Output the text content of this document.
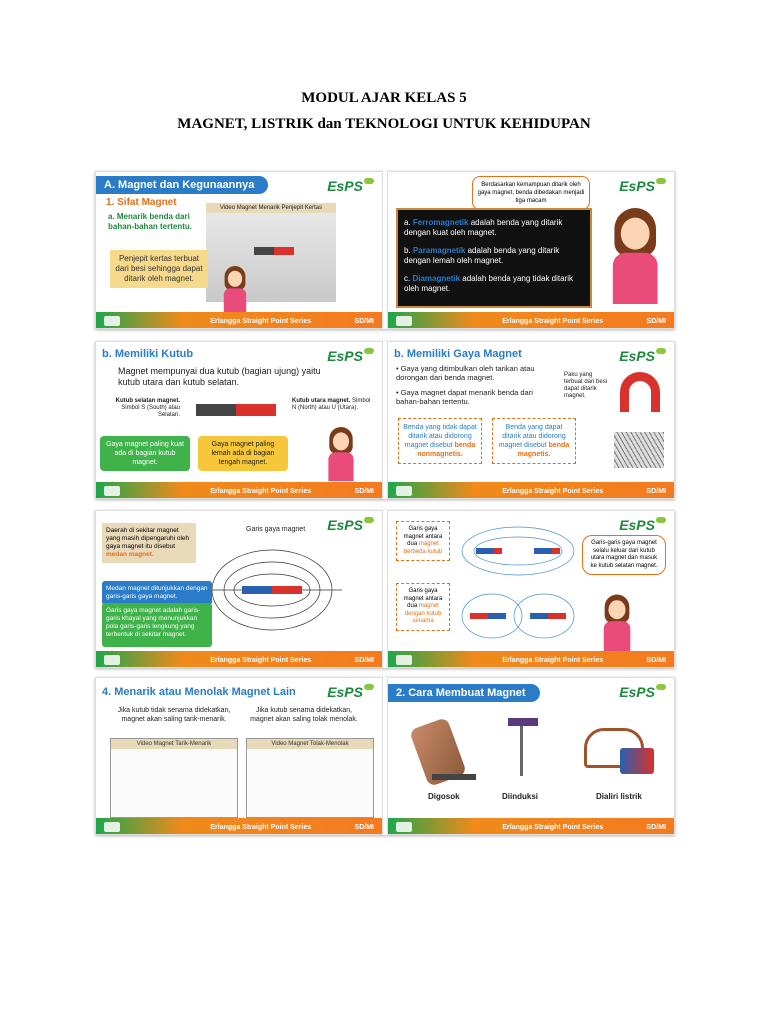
MODUL AJAR KELAS 5
MAGNET, LISTRIK dan TEKNOLOGI UNTUK KEHIDUPAN
A. Magnet dan Kegunaannya	EsPS
1. Sifat Magnet
a. Menarik benda dari bahan-bahan tertentu.
Video Magnet Menarik Penjepit Kertas
Penjepit kertas terbuat dari besi sehingga dapat ditarik oleh magnet.
Erlangga Straight Point Series	SD/MI
EsPS
Berdasarkan kemampuan ditarik oleh gaya magnet, benda dibedakan menjadi tiga macam
a. Ferromagnetik adalah benda yang ditarik dengan kuat oleh magnet.
b. Paramagnetik adalah benda yang ditarik dengan lemah oleh magnet.
c. Diamagnetik adalah benda yang tidak ditarik oleh magnet.
Erlangga Straight Point Series	SD/MI
b. Memiliki Kutub	EsPS
Magnet mempunyai dua kutub (bagian ujung) yaitu kutub utara dan kutub selatan.
Kutub selatan magnet. Simbol S (South) atau Selatan.
Kutub utara magnet. Simbol N (North) atau U (Utara).
Gaya magnet paling kuat ada di bagian kutub magnet.
Gaya magnet paling lemah ada di bagian tengah magnet.
Erlangga Straight Point Series	SD/MI
b. Memiliki Gaya Magnet	EsPS
• Gaya yang ditimbulkan oleh tarikan atau dorongan dari benda magnet.
• Gaya magnet dapat menarik benda dari bahan-bahan tertentu.
Paku yang terbuat dari besi dapat ditarik magnet.
Benda yang tidak dapat ditarik atau didorong magnet disebut benda nonmagnetis.
Benda yang dapat ditarik atau didorong magnet disebut benda magnetis.
Erlangga Straight Point Series	SD/MI
EsPS
Daerah di sekitar magnet yang masih dipengaruhi oleh gaya magnet itu disebut medan magnet.
Garis gaya magnet
Medan magnet ditunjukkan dengan garis-garis gaya magnet.
Garis gaya magnet adalah garis-garis khayal yang menunjukkan pola garis-garis lengkung yang terbentuk di sekitar magnet.
Erlangga Straight Point Series	SD/MI
EsPS
Garis gaya magnet antara dua magnet berbeda kutub
Garis gaya magnet antara dua magnet dengan kutub senama
Garis-garis gaya magnet selalu keluar dari kutub utara magnet dan masuk ke kutub selatan magnet.
Erlangga Straight Point Series	SD/MI
4. Menarik atau Menolak Magnet Lain EsPS
Jika kutub tidak senama didekatkan, magnet akan saling tarik-menarik.
Jika kutub senama didekatkan, magnet akan saling tolak menolak.
Video Magnet Tarik-Menarik	Video Magnet Tolak-Menolak
Erlangga Straight Point Series	SD/MI
2. Cara Membuat Magnet	EsPS
Digosok	Diinduksi	Dialiri listrik
Erlangga Straight Point Series	SD/MI
